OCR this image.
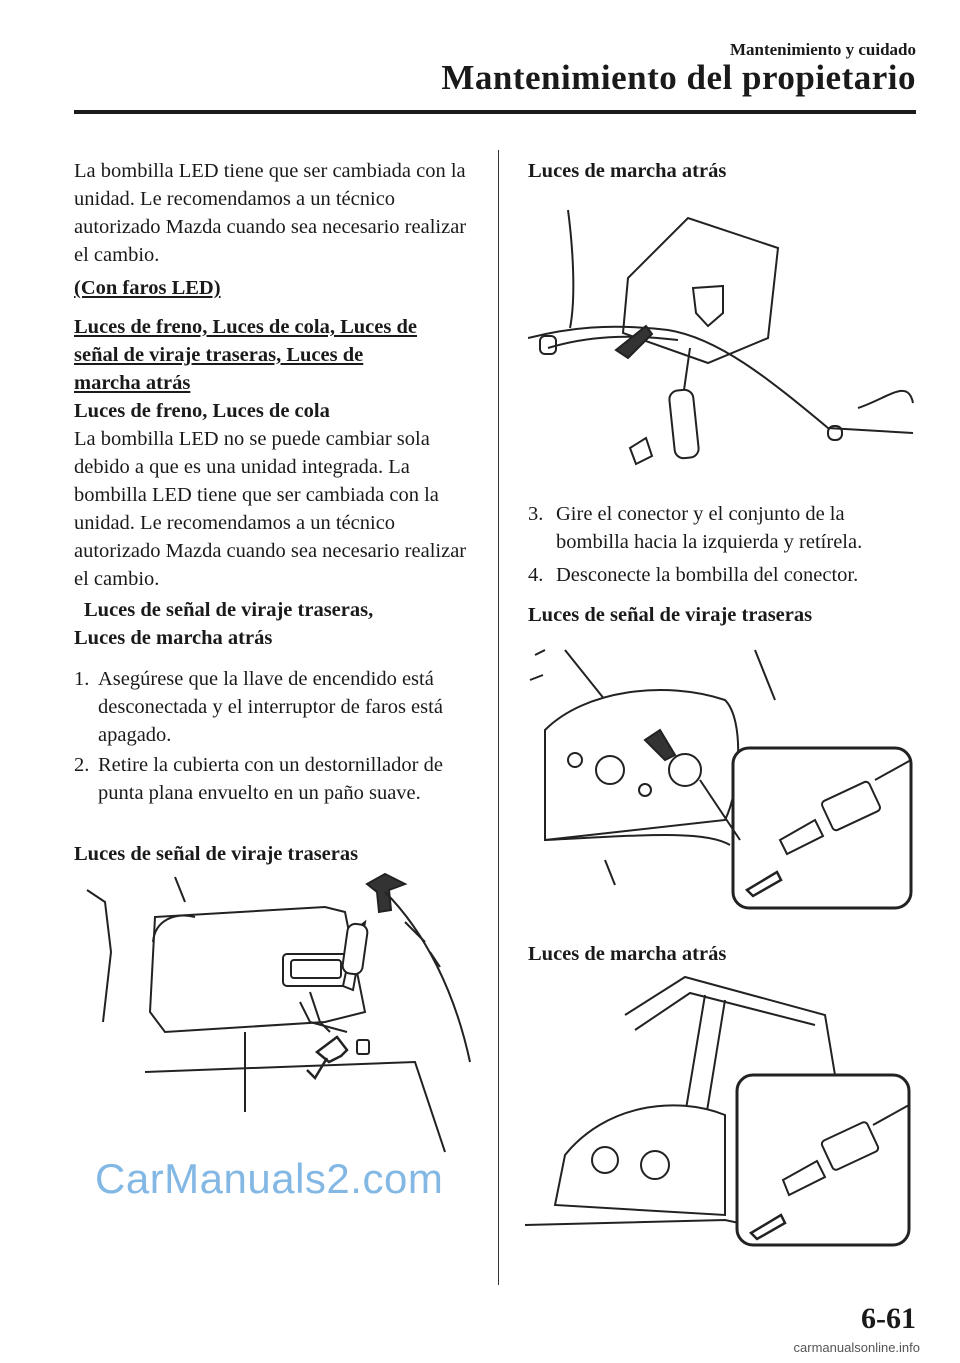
Mantenimiento y cuidado
Mantenimiento del propietario

La bombilla LED tiene que ser cambiada con la unidad. Le recomendamos a un técnico autorizado Mazda cuando sea necesario realizar el cambio.

(Con faros LED)

Luces de freno, Luces de cola, Luces de

señal de viraje traseras, Luces de

marcha atrás

Luces de freno, Luces de cola

La bombilla LED no se puede cambiar sola debido a que es una unidad integrada. La bombilla LED tiene que ser cambiada con la unidad. Le recomendamos a un técnico autorizado Mazda cuando sea necesario realizar el cambio.

Luces de señal de viraje traseras,

Luces de marcha atrás

1. Asegúrese que la llave de encendido está desconectada y el interruptor de faros está apagado.
2. Retire la cubierta con un destornillador de punta plana envuelto en un paño suave.
Luces de señal de viraje traseras
Luces de marcha atrás
3. Gire el conector y el conjunto de la bombilla hacia la izquierda y retírela.
4. Desconecte la bombilla del conector.
Luces de señal de viraje traseras
Luces de marcha atrás
CarManuals2.com
6-61
carmanualsonline.info
